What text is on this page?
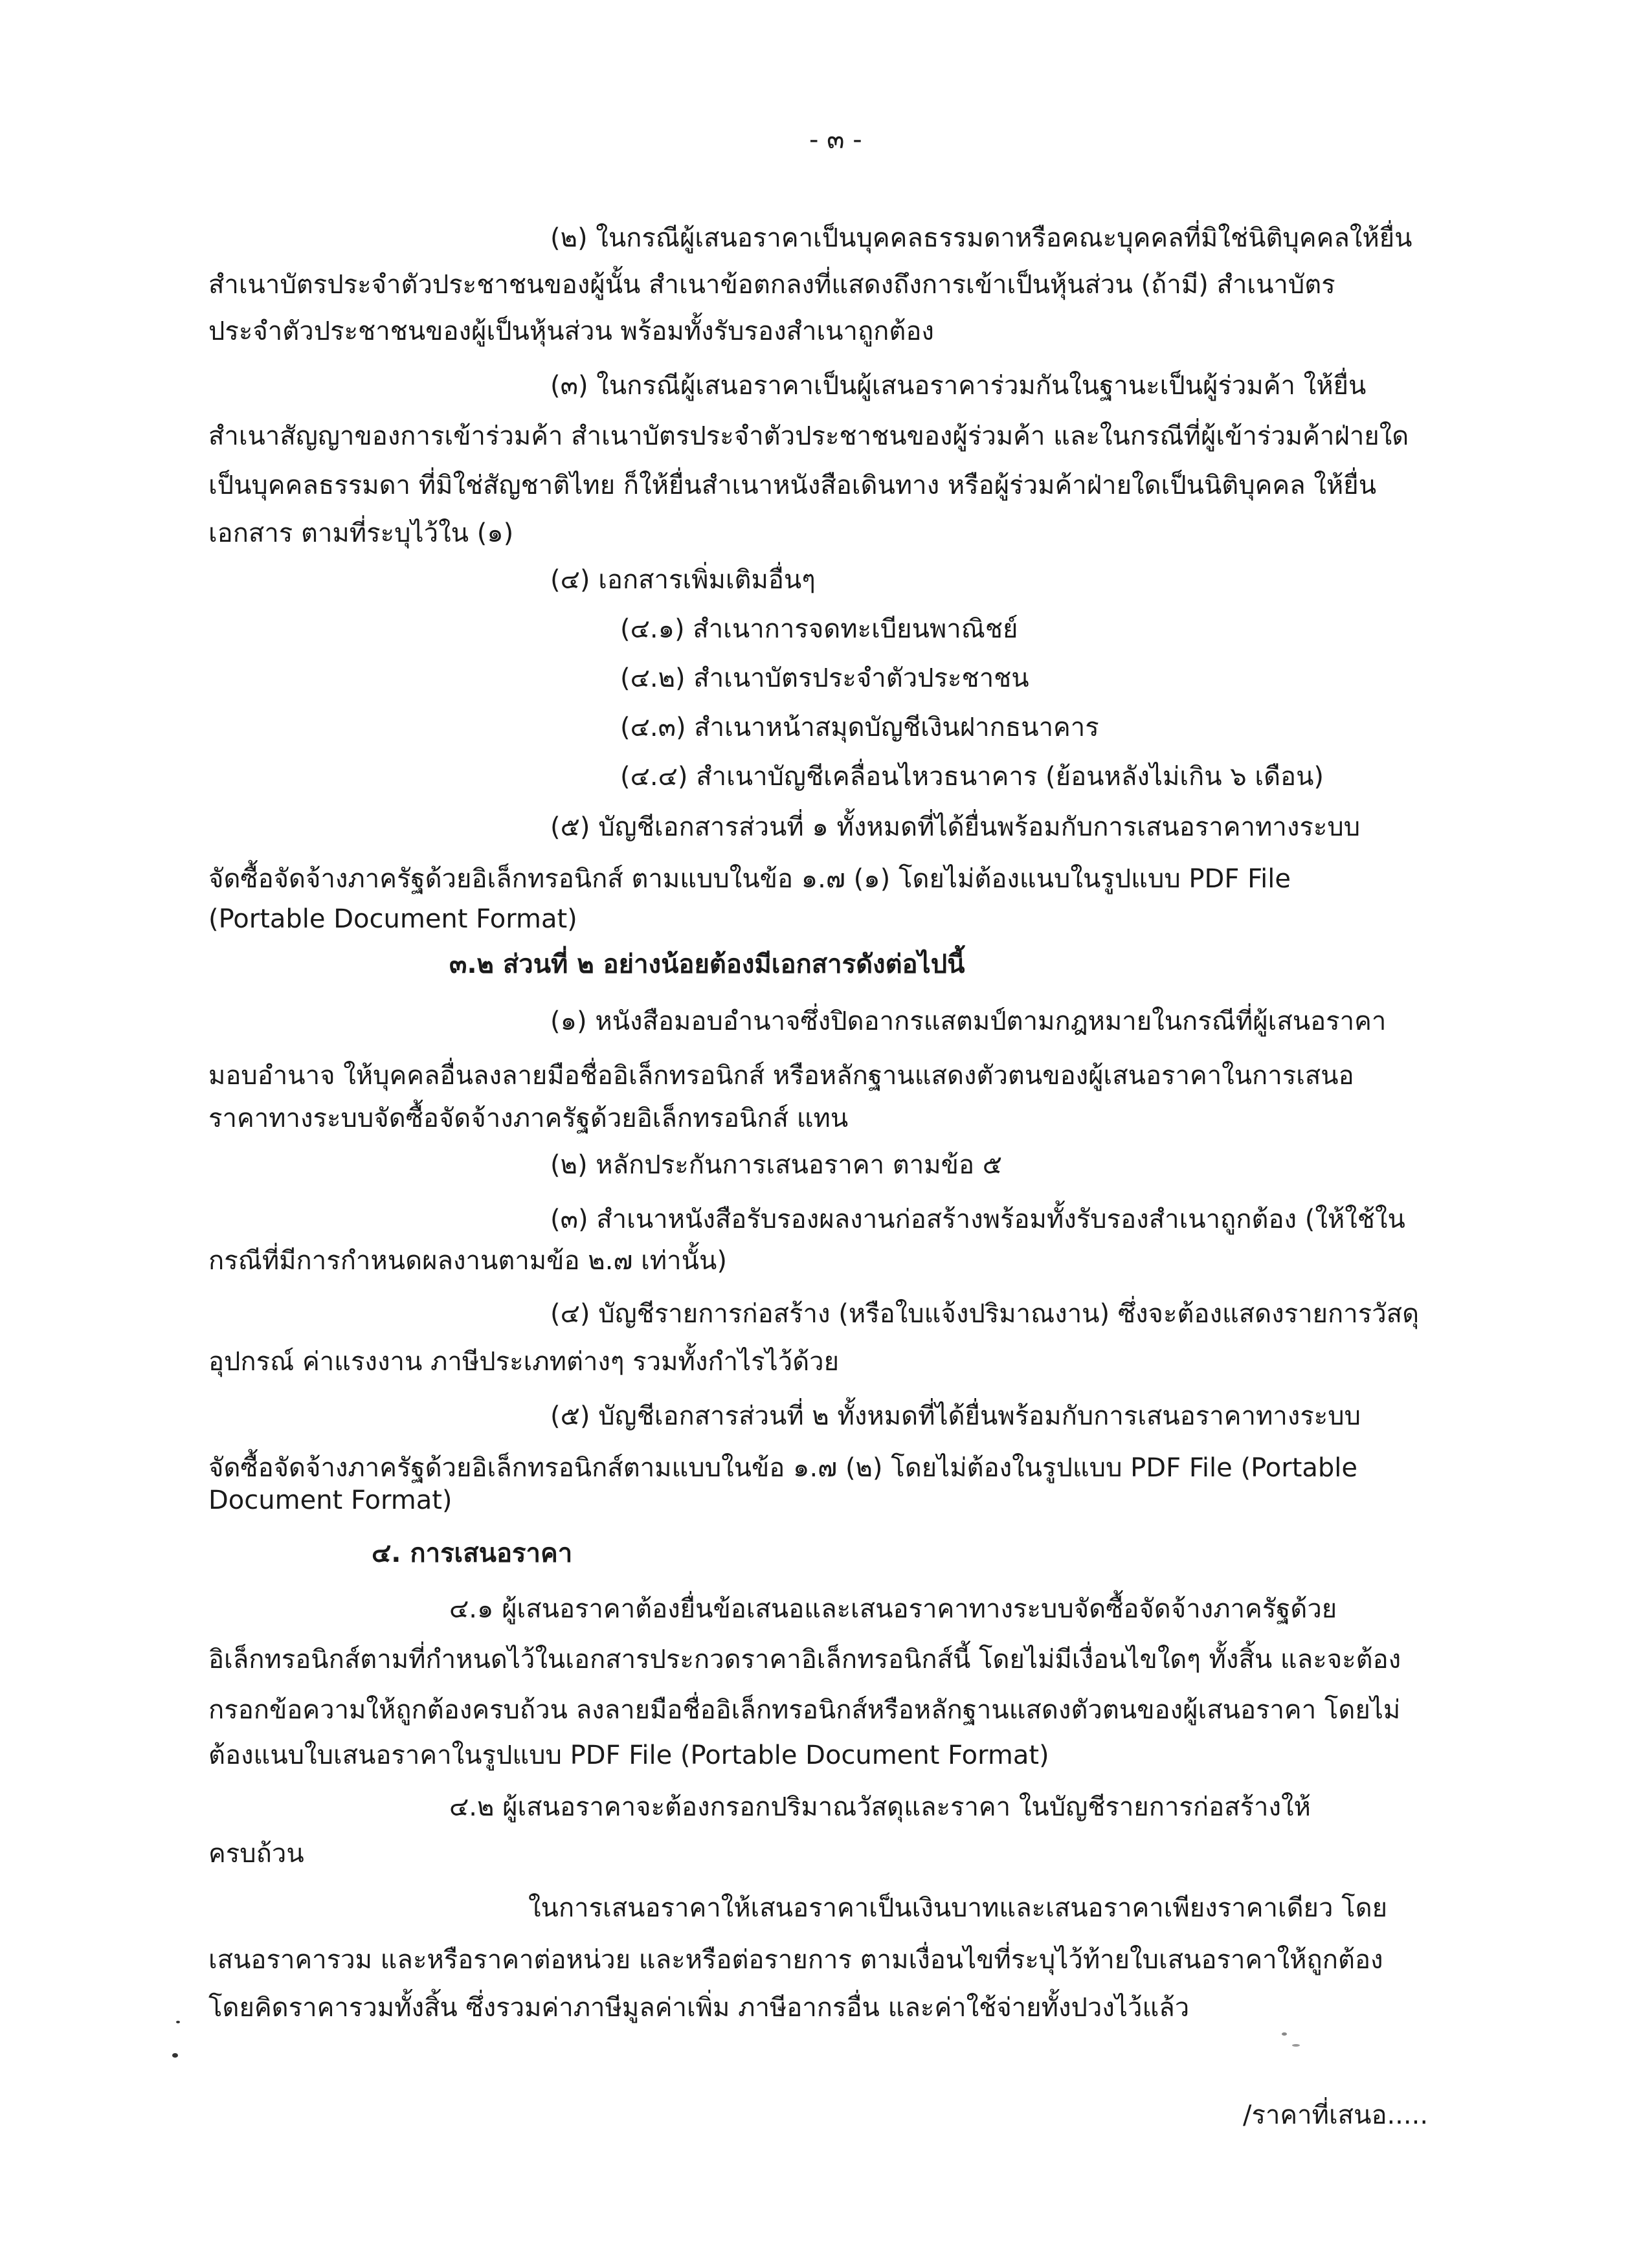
- ๓ -
(๒) ในกรณีผู้เสนอราคาเป็นบุคคลธรรมดาหรือคณะบุคคลที่มิใช่นิติบุคคลให้ยื่น
สำเนาบัตรประจำตัวประชาชนของผู้นั้น สำเนาข้อตกลงที่แสดงถึงการเข้าเป็นหุ้นส่วน (ถ้ามี) สำเนาบัตร
ประจำตัวประชาชนของผู้เป็นหุ้นส่วน พร้อมทั้งรับรองสำเนาถูกต้อง
(๓) ในกรณีผู้เสนอราคาเป็นผู้เสนอราคาร่วมกันในฐานะเป็นผู้ร่วมค้า ให้ยื่น
สำเนาสัญญาของการเข้าร่วมค้า สำเนาบัตรประจำตัวประชาชนของผู้ร่วมค้า และในกรณีที่ผู้เข้าร่วมค้าฝ่ายใด
เป็นบุคคลธรรมดา ที่มิใช่สัญชาติไทย ก็ให้ยื่นสำเนาหนังสือเดินทาง หรือผู้ร่วมค้าฝ่ายใดเป็นนิติบุคคล ให้ยื่น
เอกสาร ตามที่ระบุไว้ใน (๑)
(๔) เอกสารเพิ่มเติมอื่นๆ
(๔.๑) สำเนาการจดทะเบียนพาณิชย์
(๔.๒) สำเนาบัตรประจำตัวประชาชน
(๔.๓) สำเนาหน้าสมุดบัญชีเงินฝากธนาคาร
(๔.๔) สำเนาบัญชีเคลื่อนไหวธนาคาร (ย้อนหลังไม่เกิน ๖ เดือน)
(๕) บัญชีเอกสารส่วนที่ ๑ ทั้งหมดที่ได้ยื่นพร้อมกับการเสนอราคาทางระบบ
จัดซื้อจัดจ้างภาครัฐด้วยอิเล็กทรอนิกส์ ตามแบบในข้อ ๑.๗ (๑) โดยไม่ต้องแนบในรูปแบบ PDF File
(Portable Document Format)
๓.๒ ส่วนที่ ๒ อย่างน้อยต้องมีเอกสารดังต่อไปนี้
(๑) หนังสือมอบอำนาจซึ่งปิดอากรแสตมป์ตามกฎหมายในกรณีที่ผู้เสนอราคา
มอบอำนาจ ให้บุคคลอื่นลงลายมือชื่ออิเล็กทรอนิกส์ หรือหลักฐานแสดงตัวตนของผู้เสนอราคาในการเสนอ
ราคาทางระบบจัดซื้อจัดจ้างภาครัฐด้วยอิเล็กทรอนิกส์ แทน
(๒) หลักประกันการเสนอราคา ตามข้อ ๕
(๓) สำเนาหนังสือรับรองผลงานก่อสร้างพร้อมทั้งรับรองสำเนาถูกต้อง (ให้ใช้ใน
กรณีที่มีการกำหนดผลงานตามข้อ ๒.๗ เท่านั้น)
(๔) บัญชีรายการก่อสร้าง (หรือใบแจ้งปริมาณงาน) ซึ่งจะต้องแสดงรายการวัสดุ
อุปกรณ์ ค่าแรงงาน ภาษีประเภทต่างๆ รวมทั้งกำไรไว้ด้วย
(๕) บัญชีเอกสารส่วนที่ ๒ ทั้งหมดที่ได้ยื่นพร้อมกับการเสนอราคาทางระบบ
จัดซื้อจัดจ้างภาครัฐด้วยอิเล็กทรอนิกส์ตามแบบในข้อ ๑.๗ (๒) โดยไม่ต้องในรูปแบบ PDF File (Portable
Document Format)
๔. การเสนอราคา
๔.๑ ผู้เสนอราคาต้องยื่นข้อเสนอและเสนอราคาทางระบบจัดซื้อจัดจ้างภาครัฐด้วย
อิเล็กทรอนิกส์ตามที่กำหนดไว้ในเอกสารประกวดราคาอิเล็กทรอนิกส์นี้ โดยไม่มีเงื่อนไขใดๆ ทั้งสิ้น และจะต้อง
กรอกข้อความให้ถูกต้องครบถ้วน ลงลายมือชื่ออิเล็กทรอนิกส์หรือหลักฐานแสดงตัวตนของผู้เสนอราคา โดยไม่
ต้องแนบใบเสนอราคาในรูปแบบ PDF File (Portable Document Format)
๔.๒ ผู้เสนอราคาจะต้องกรอกปริมาณวัสดุและราคา ในบัญชีรายการก่อสร้างให้
ครบถ้วน
ในการเสนอราคาให้เสนอราคาเป็นเงินบาทและเสนอราคาเพียงราคาเดียว โดย
เสนอราคารวม และหรือราคาต่อหน่วย และหรือต่อรายการ ตามเงื่อนไขที่ระบุไว้ท้ายใบเสนอราคาให้ถูกต้อง
โดยคิดราคารวมทั้งสิ้น ซึ่งรวมค่าภาษีมูลค่าเพิ่ม ภาษีอากรอื่น และค่าใช้จ่ายทั้งปวงไว้แล้ว
/ราคาที่เสนอ.....
